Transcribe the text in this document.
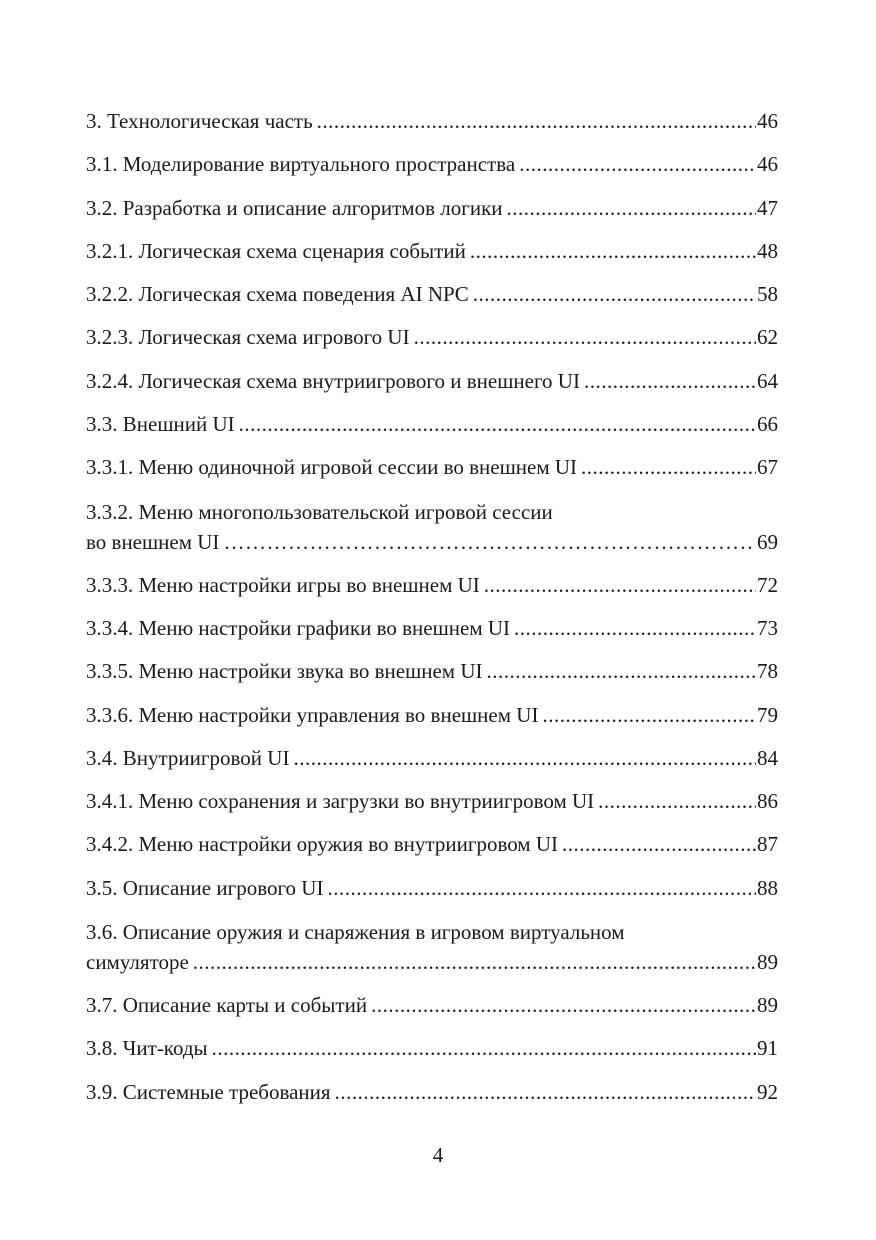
3. Технологическая часть .....	46
3.1. Моделирование виртуального пространства .....	46
3.2. Разработка и описание алгоритмов логики .....	47
3.2.1. Логическая схема сценария событий .....	48
3.2.2. Логическая схема поведения AI NPC .....	58
3.2.3. Логическая схема игрового UI .....	62
3.2.4. Логическая схема внутриигрового и внешнего UI .....	64
3.3. Внешний UI .....	66
3.3.1. Меню одиночной игровой сессии во внешнем UI .....	67
3.3.2. Меню многопользовательской игровой сессии
во внешнем UI ……………………………………………………………………………………………………………………………………………	69
3.3.3. Меню настройки игры во внешнем UI .....	72
3.3.4. Меню настройки графики во внешнем UI .....	73
3.3.5. Меню настройки звука во внешнем UI .....	78
3.3.6. Меню настройки управления во внешнем UI .....	79
3.4. Внутриигровой UI .....	84
3.4.1. Меню сохранения и загрузки во внутриигровом UI .....	86
3.4.2. Меню настройки оружия во внутриигровом UI .....	87
3.5. Описание игрового UI .....	88
3.6. Описание оружия и снаряжения в игровом виртуальном
симуляторе .....	89
3.7. Описание карты и событий .....	89
3.8. Чит-коды .....	91
3.9. Системные требования .....	92
4
